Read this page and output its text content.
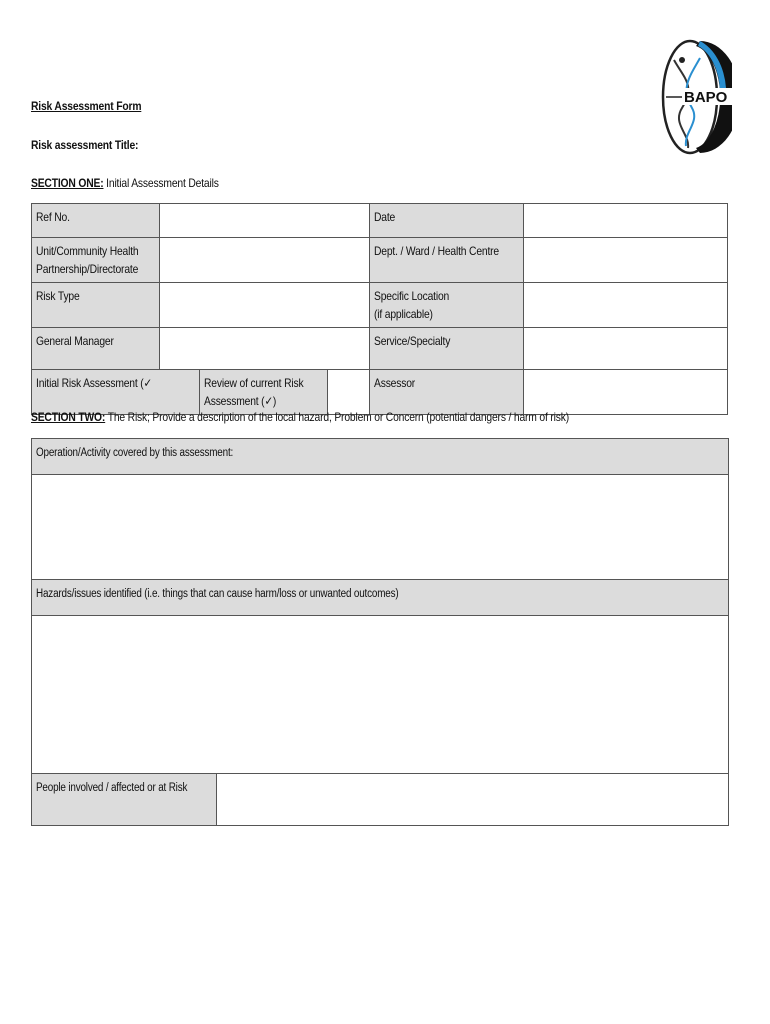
BAPO
Risk Assessment Form
Risk assessment Title:
SECTION ONE: Initial Assessment Details
Ref No.				Date	
Unit/Community Health
Partnership/Directorate				Dept. / Ward / Health Centre	
Risk Type				Specific Location
(if applicable)	
General Manager				Service/Specialty	
Initial Risk Assessment (✓		Review of current Risk
Assessment (✓)		Assessor	
SECTION TWO: The Risk; Provide a description of the local hazard, Problem or Concern (potential dangers / harm of risk)
Operation/Activity covered by this assessment:

Hazards/issues identified (i.e. things that can cause harm/loss or unwanted outcomes)

People involved / affected or at Risk	
